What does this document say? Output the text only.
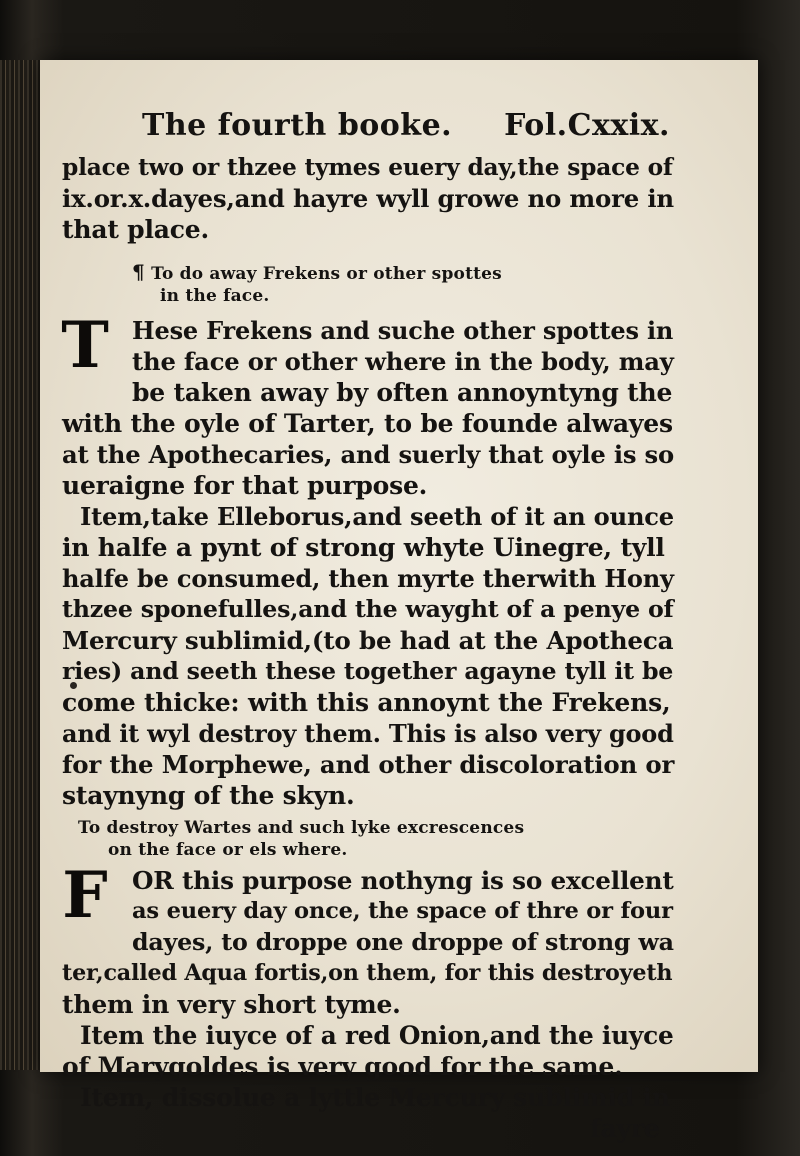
The fourth booke. Fol.Cxxix.
place two or thzee tymes euery day,the space of
ix.or.x.dayes,and hayre wyll growe no more in
that place.
¶ To do away Frekens or other spottes
in the face.
T Hese Frekens and suche other spottes in
the face or other where in the body, may
be taken away by often annoyntyng the
with the oyle of Tarter, to be founde alwayes
at the Apothecaries, and suerly that oyle is so
ueraigne for that purpose.
Item,take Elleborus,and seeth of it an ounce
in halfe a pynt of strong whyte Uinegre, tyll
halfe be consumed, then myrte therwith Hony
thzee sponefulles,and the wayght of a penye of
Mercury sublimid,(to be had at the Apotheca
ries) and seeth these together agayne tyll it be
come thicke: with this annoynt the Frekens,
and it wyl destroy them. This is also very good
for the Morphewe, and other discoloration or
staynyng of the skyn.
To destroy Wartes and such lyke excrescences
on the face or els where.
F OR this purpose nothyng is so excellent
as euery day once, the space of thre or four
dayes, to droppe one droppe of strong wa
ter,called Aqua fortis,on them, for this destroyeth
them in very short tyme.
Item the iuyce of a red Onion,and the iuyce
of Marygoldes is very good for the same.
Item, dissolue a lyttle Mercury sublimid in
fayre
